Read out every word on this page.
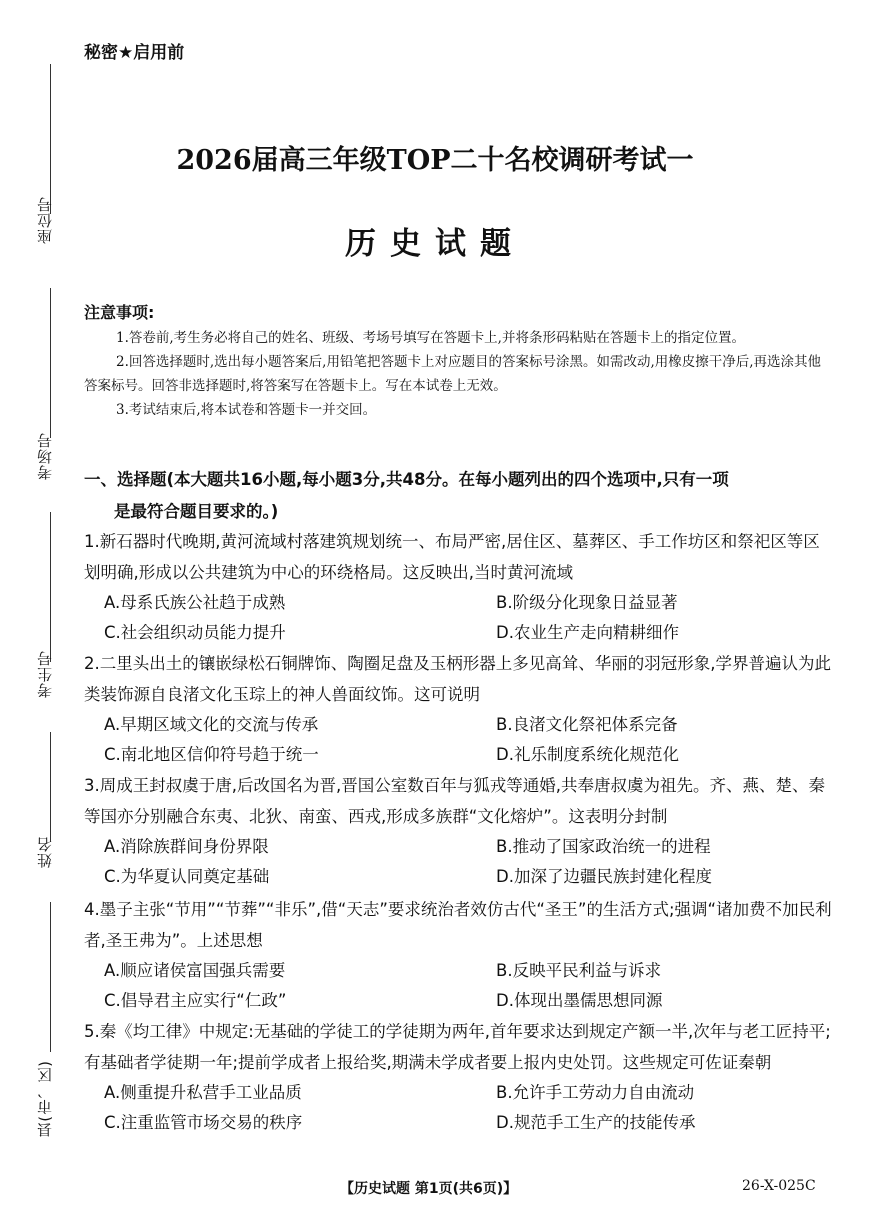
座位号
考场号
考生号
姓名
县(市、区)
秘密★启用前
2026届高三年级TOP二十名校调研考试一
历史试题
注意事项:

1.答卷前,考生务必将自己的姓名、班级、考场号填写在答题卡上,并将条形码粘贴在答题卡上的指定位置。

2.回答选择题时,选出每小题答案后,用铅笔把答题卡上对应题目的答案标号涂黑。如需改动,用橡皮擦干净后,再选涂其他答案标号。回答非选择题时,将答案写在答题卡上。写在本试卷上无效。

3.考试结束后,将本试卷和答题卡一并交回。

一、选择题(本大题共16小题,每小题3分,共48分。在每小题列出的四个选项中,只有一项
是最符合题目要求的。)
1.新石器时代晚期,黄河流域村落建筑规划统一、布局严密,居住区、墓葬区、手工作坊区和祭祀区等区划明确,形成以公共建筑为中心的环绕格局。这反映出,当时黄河流域
A.母系氏族公社趋于成熟	B.阶级分化现象日益显著
C.社会组织动员能力提升	D.农业生产走向精耕细作
2.二里头出土的镶嵌绿松石铜牌饰、陶圈足盘及玉柄形器上多见高耸、华丽的羽冠形象,学界普遍认为此类装饰源自良渚文化玉琮上的神人兽面纹饰。这可说明
A.早期区域文化的交流与传承	B.良渚文化祭祀体系完备
C.南北地区信仰符号趋于统一	D.礼乐制度系统化规范化
3.周成王封叔虞于唐,后改国名为晋,晋国公室数百年与狐戎等通婚,共奉唐叔虞为祖先。齐、燕、楚、秦等国亦分别融合东夷、北狄、南蛮、西戎,形成多族群“文化熔炉”。这表明分封制
A.消除族群间身份界限	B.推动了国家政治统一的进程
C.为华夏认同奠定基础	D.加深了边疆民族封建化程度
4.墨子主张“节用”“节葬”“非乐”,借“天志”要求统治者效仿古代“圣王”的生活方式;强调“诸加费不加民利者,圣王弗为”。上述思想
A.顺应诸侯富国强兵需要	B.反映平民利益与诉求
C.倡导君主应实行“仁政”	D.体现出墨儒思想同源
5.秦《均工律》中规定:无基础的学徒工的学徒期为两年,首年要求达到规定产额一半,次年与老工匠持平;有基础者学徒期一年;提前学成者上报给奖,期满未学成者要上报内史处罚。这些规定可佐证秦朝
A.侧重提升私营手工业品质	B.允许手工劳动力自由流动
C.注重监管市场交易的秩序	D.规范手工生产的技能传承
【历史试题 第1页(共6页)】	26-X-025C
